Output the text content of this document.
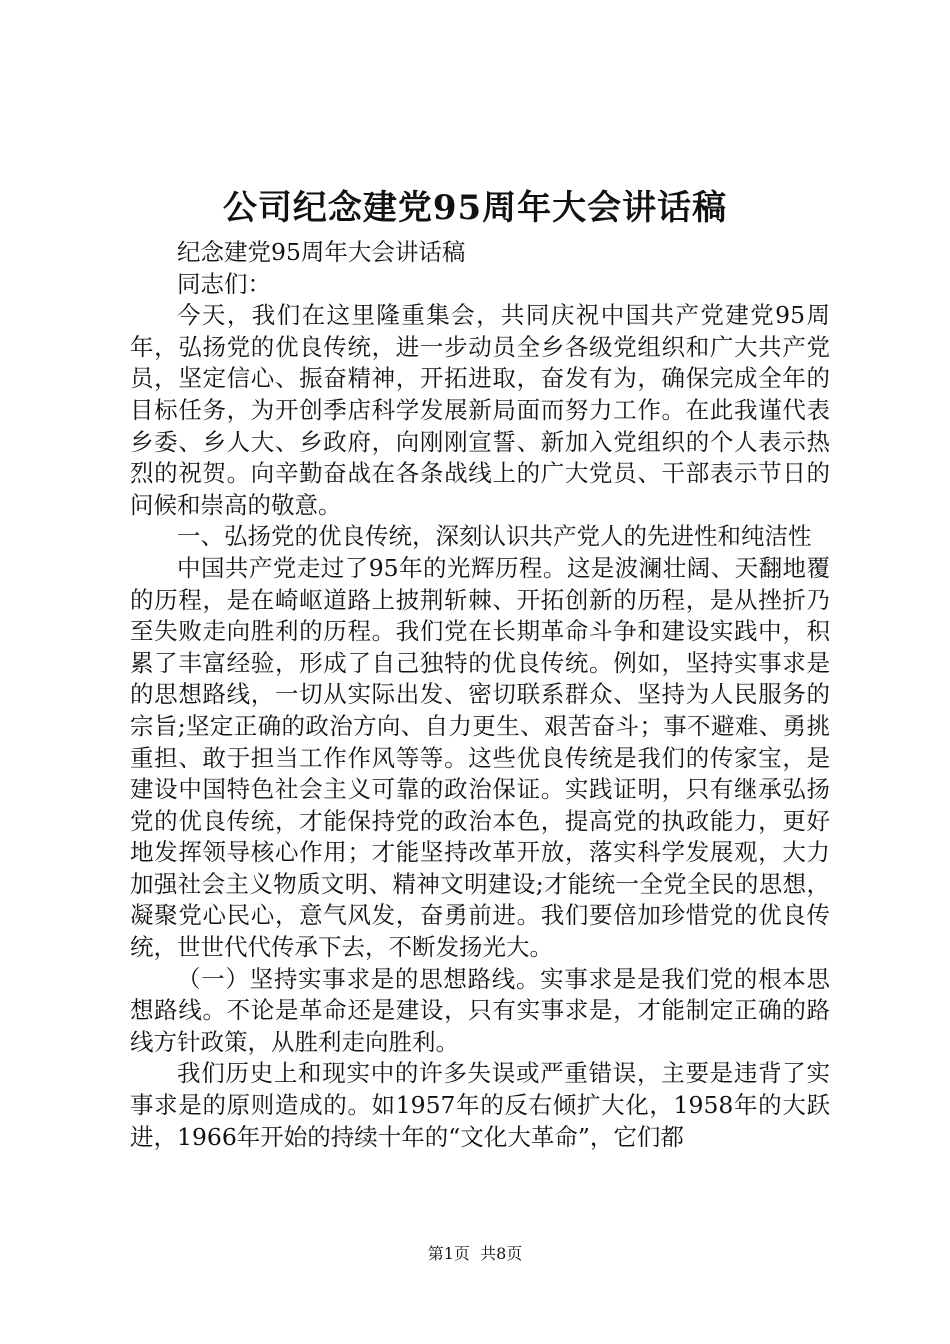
公司纪念建党95周年大会讲话稿

纪念建党95周年大会讲话稿

同志们：

今天，我们在这里隆重集会，共同庆祝中国共产党建党95周年，弘扬党的优良传统，进一步动员全乡各级党组织和广大共产党员，坚定信心、振奋精神，开拓进取，奋发有为，确保完成全年的目标任务，为开创季店科学发展新局面而努力工作。在此我谨代表乡委、乡人大、乡政府，向刚刚宣誓、新加入党组织的个人表示热烈的祝贺。向辛勤奋战在各条战线上的广大党员、干部表示节日的问候和崇高的敬意。

一、弘扬党的优良传统，深刻认识共产党人的先进性和纯洁性

中国共产党走过了95年的光辉历程。这是波澜壮阔、天翻地覆的历程，是在崎岖道路上披荆斩棘、开拓创新的历程，是从挫折乃至失败走向胜利的历程。我们党在长期革命斗争和建设实践中，积累了丰富经验，形成了自己独特的优良传统。例如，坚持实事求是的思想路线，一切从实际出发、密切联系群众、坚持为人民服务的宗旨;坚定正确的政治方向、自力更生、艰苦奋斗；事不避难、勇挑重担、敢于担当工作作风等等。这些优良传统是我们的传家宝，是建设中国特色社会主义可靠的政治保证。实践证明，只有继承弘扬党的优良传统，才能保持党的政治本色，提高党的执政能力，更好地发挥领导核心作用；才能坚持改革开放，落实科学发展观，大力加强社会主义物质文明、精神文明建设;才能统一全党全民的思想，凝聚党心民心，意气风发，奋勇前进。我们要倍加珍惜党的优良传统，世世代代传承下去，不断发扬光大。

（一）坚持实事求是的思想路线。实事求是是我们党的根本思想路线。不论是革命还是建设，只有实事求是，才能制定正确的路线方针政策，从胜利走向胜利。

我们历史上和现实中的许多失误或严重错误，主要是违背了实事求是的原则造成的。如1957年的反右倾扩大化，1958年的大跃进，1966年开始的持续十年的“文化大革命”，它们都

第1页 共8页
